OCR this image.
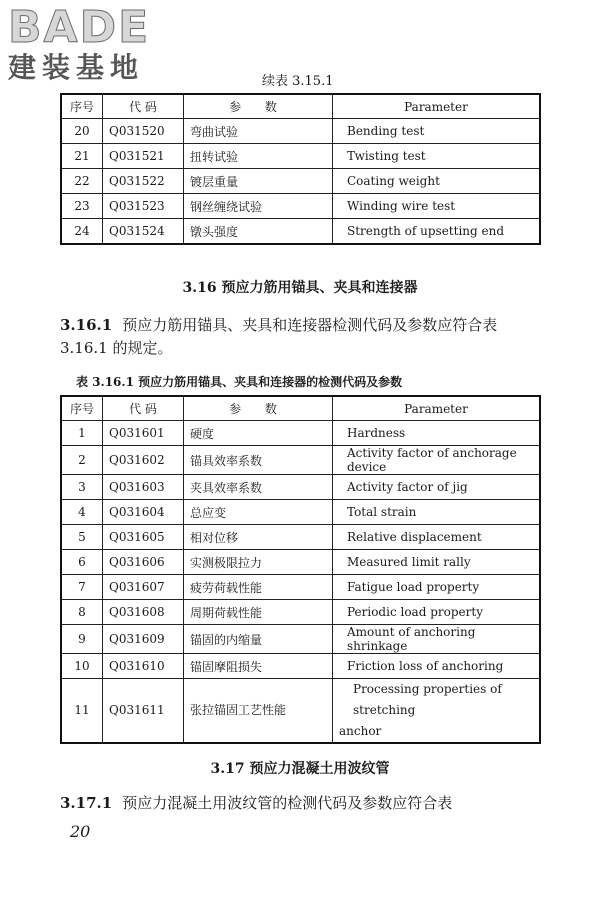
BADE
建装基地	续表 3.15.1
序号	代 码	参 数	Parameter
20	Q031520	弯曲试验	Bending test
21	Q031521	扭转试验	Twisting test
22	Q031522	镀层重量	Coating weight
23	Q031523	钢丝缠绕试验	Winding wire test
24	Q031524	镦头强度	Strength of upsetting end
3.16 预应力筋用锚具、夹具和连接器
3.16.1 预应力筋用锚具、夹具和连接器检测代码及参数应符合表 3.16.1 的规定。
表 3.16.1 预应力筋用锚具、夹具和连接器的检测代码及参数
序号	代 码	参 数	Parameter
1	Q031601	硬度	Hardness
2	Q031602	锚具效率系数	Activity factor of anchorage device
3	Q031603	夹具效率系数	Activity factor of jig
4	Q031604	总应变	Total strain
5	Q031605	相对位移	Relative displacement
6	Q031606	实测极限拉力	Measured limit rally
7	Q031607	疲劳荷载性能	Fatigue load property
8	Q031608	周期荷载性能	Periodic load property
9	Q031609	锚固的内缩量	Amount of anchoring shrinkage
10	Q031610	锚固摩阻损失	Friction loss of anchoring
11	Q031611	张拉锚固工艺性能	Processing properties of stretching
anchor
3.17 预应力混凝土用波纹管
3.17.1 预应力混凝土用波纹管的检测代码及参数应符合表
20
